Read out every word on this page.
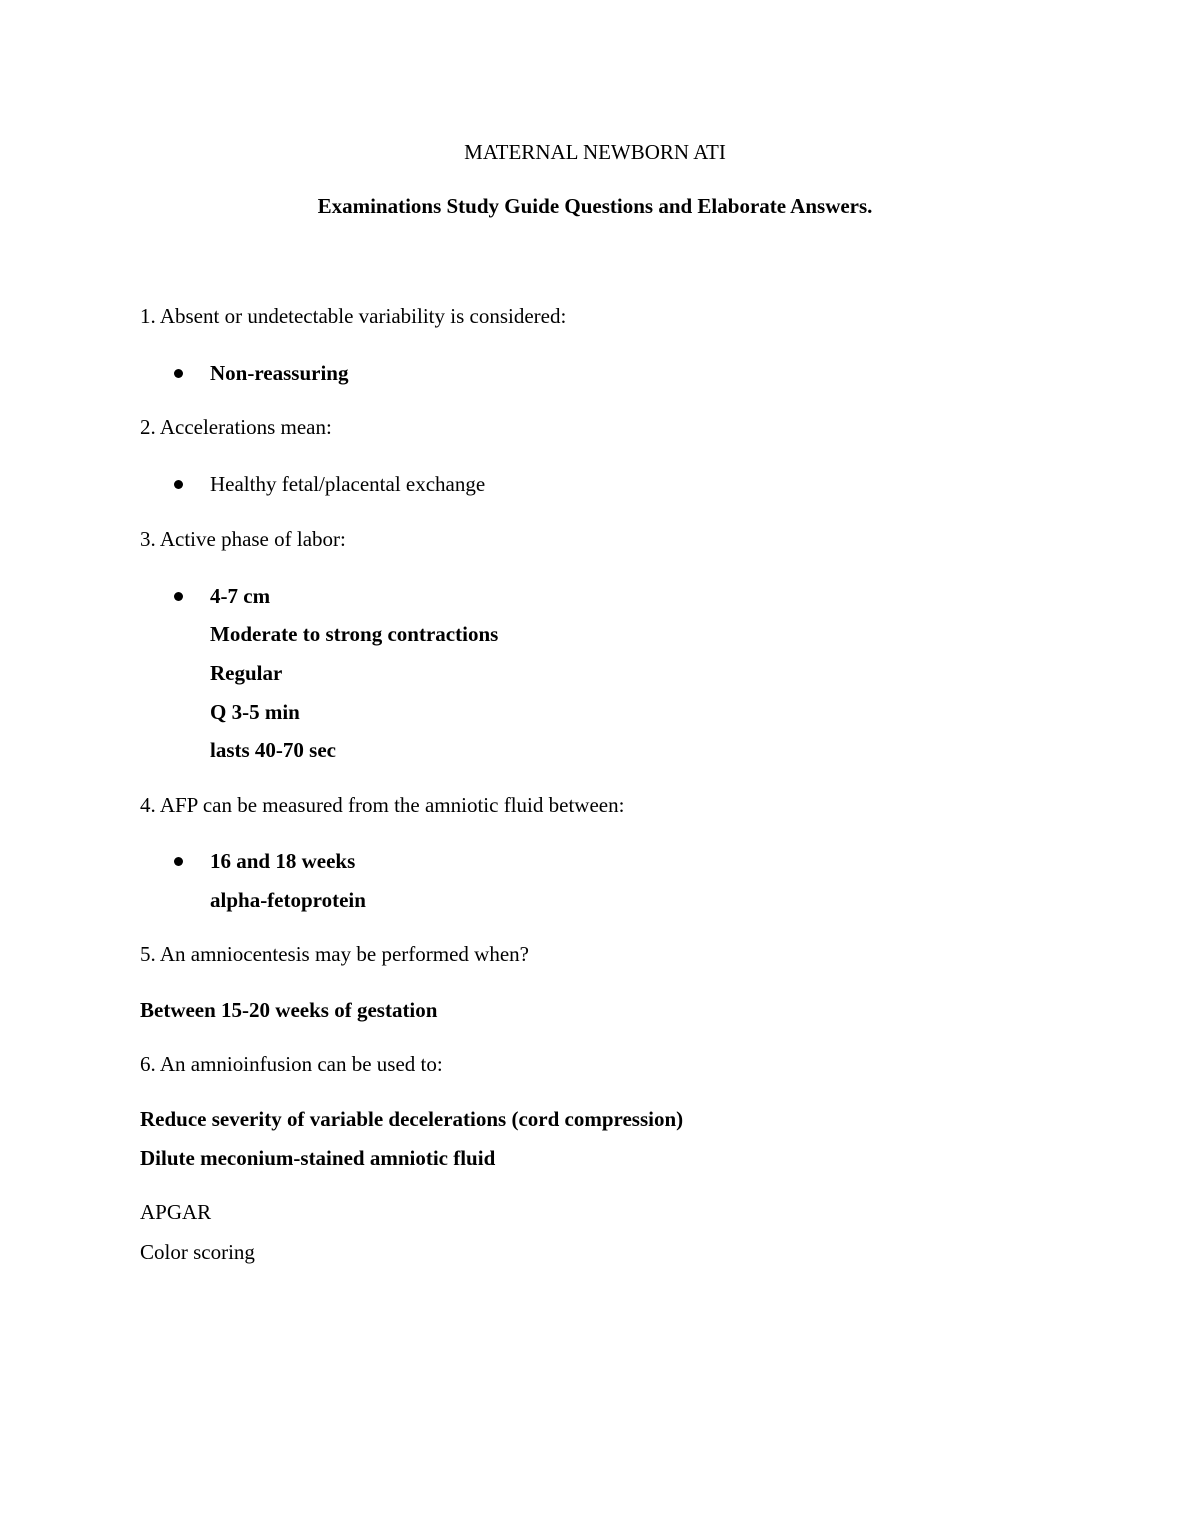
MATERNAL NEWBORN ATI
Examinations Study Guide Questions and Elaborate Answers.
1. Absent or undetectable variability is considered:
Non-reassuring
2. Accelerations mean:
Healthy fetal/placental exchange
3. Active phase of labor:
4-7 cm
Moderate to strong contractions
Regular
Q 3-5 min
lasts 40-70 sec
4. AFP can be measured from the amniotic fluid between:
16 and 18 weeks
alpha-fetoprotein
5. An amniocentesis may be performed when?
Between 15-20 weeks of gestation
6. An amnioinfusion can be used to:
Reduce severity of variable decelerations (cord compression)
Dilute meconium-stained amniotic fluid
APGAR
Color scoring
